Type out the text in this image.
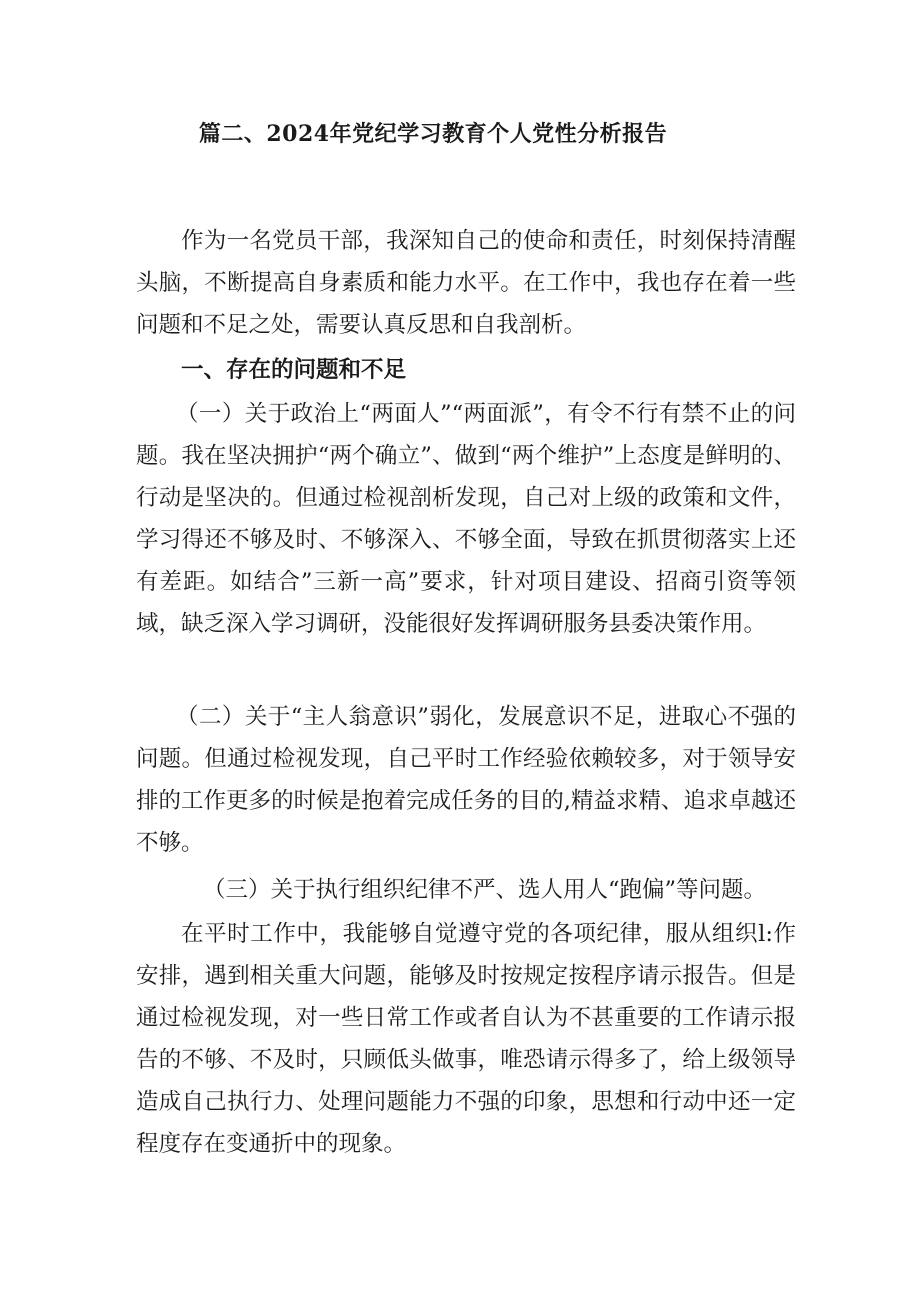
篇二、2024年党纪学习教育个人党性分析报告

作为一名党员干部，我深知自己的使命和责任，时刻保持清醒头脑，不断提高自身素质和能力水平。在工作中，我也存在着一些问题和不足之处，需要认真反思和自我剖析。

一、存在的问题和不足

（一）关于政治上“两面人”“两面派”，有令不行有禁不止的问题。我在坚决拥护“两个确立”、做到“两个维护”上态度是鲜明的、行动是坚决的。但通过检视剖析发现，自己对上级的政策和文件，学习得还不够及时、不够深入、不够全面，导致在抓贯彻落实上还有差距。如结合”三新一高”要求，针对项目建设、招商引资等领域，缺乏深入学习调研，没能很好发挥调研服务县委决策作用。

（二）关于“主人翁意识”弱化，发展意识不足，进取心不强的问题。但通过检视发现，自己平时工作经验依赖较多，对于领导安排的工作更多的时候是抱着完成任务的目的,精益求精、追求卓越还不够。

（三）关于执行组织纪律不严、选人用人“跑偏”等问题。

在平时工作中，我能够自觉遵守党的各项纪律，服从组织l:作安排，遇到相关重大问题，能够及时按规定按程序请示报告。但是通过检视发现，对一些日常工作或者自认为不甚重要的工作请示报告的不够、不及时，只顾低头做事，唯恐请示得多了，给上级领导造成自己执行力、处理问题能力不强的印象，思想和行动中还一定程度存在变通折中的现象。
